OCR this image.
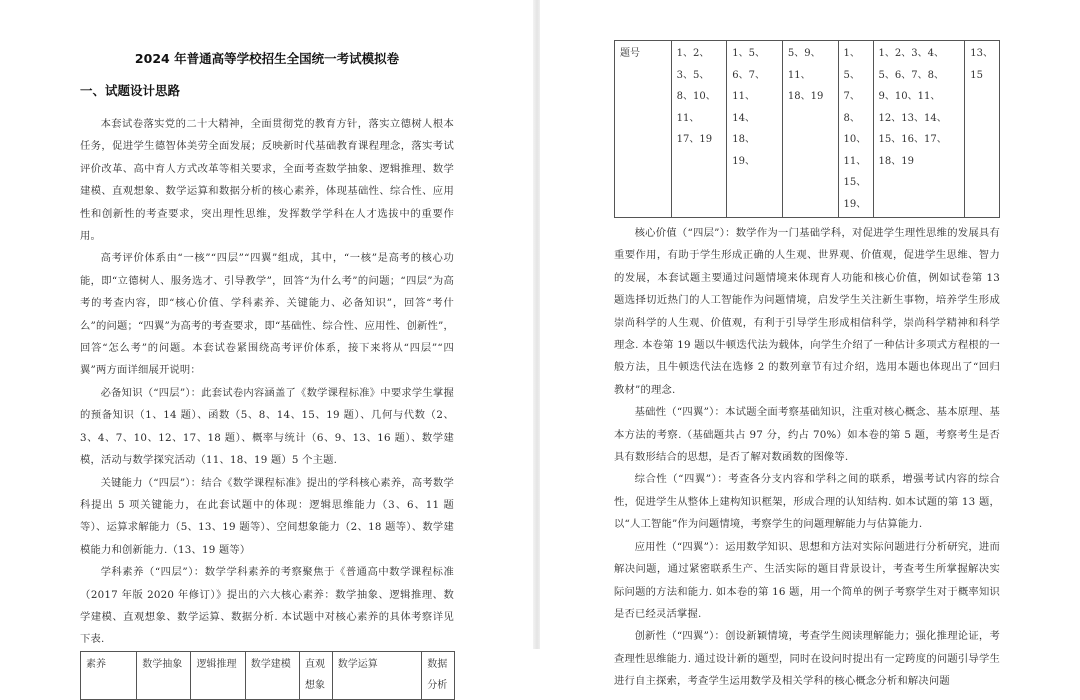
2024 年普通高等学校招生全国统一考试模拟卷
一、试题设计思路

本套试卷落实党的二十大精神，全面贯彻党的教育方针，落实立德树人根本任务，促进学生德智体美劳全面发展；反映新时代基础教育课程理念，落实考试评价改革、高中育人方式改革等相关要求，全面考查数学抽象、逻辑推理、数学建模、直观想象、数学运算和数据分析的核心素养，体现基础性、综合性、应用性和创新性的考查要求，突出理性思维，发挥数学学科在人才选拔中的重要作用。

高考评价体系由“一核”“四层”“四翼”组成，其中，“一核”是高考的核心功能，即“立德树人、服务选才、引导教学”，回答“为什么考”的问题；“四层”为高考的考查内容，即“核心价值、学科素养、关键能力、必备知识”，回答“考什么”的问题；“四翼”为高考的考查要求，即“基础性、综合性、应用性、创新性”，回答“怎么考”的问题。本套试卷紧围绕高考评价体系，接下来将从“四层”“四翼”两方面详细展开说明：

必备知识（“四层”）：此套试卷内容涵盖了《数学课程标准》中要求学生掌握的预备知识（1、14 题）、函数（5、8、14、15、19 题）、几何与代数（2、3、4、7、10、12、17、18 题）、概率与统计（6、9、13、16 题）、数学建模，活动与数学探究活动（11、18、19 题）5 个主题.

关键能力（“四层”）：结合《数学课程标准》提出的学科核心素养，高考数学科提出 5 项关键能力，在此套试题中的体现：逻辑思维能力（3、6、11 题等）、运算求解能力（5、13、19 题等）、空间想象能力（2、18 题等）、数学建模能力和创新能力.（13、19 题等）

学科素养（“四层”）：数学学科素养的考察聚焦于《普通高中数学课程标准（2017 年版 2020 年修订）》提出的六大核心素养：数学抽象、逻辑推理、数学建模、直观想象、数学运算、数据分析. 本试题中对核心素养的具体考察详见下表.

素养	数学抽象	逻辑推理	数学建模	直观想象	数学运算	数据分析
题号	1、2、3、5、8、10、11、17、19	1、5、6、7、11、14、18、19、	5、9、11、18、19	1、5、7、8、10、11、15、19、	1、2、3、4、5、6、7、8、9、10、11、12、13、14、15、16、17、18、19	13、15

核心价值（“四层”）：数学作为一门基础学科，对促进学生理性思维的发展具有重要作用，有助于学生形成正确的人生观、世界观、价值观，促进学生思维、智力的发展，本套试题主要通过问题情境来体现育人功能和核心价值，例如试卷第 13 题选择切近热门的人工智能作为问题情境，启发学生关注新生事物，培养学生形成崇尚科学的人生观、价值观，有利于引导学生形成相信科学，崇尚科学精神和科学理念. 本卷第 19 题以牛顿迭代法为载体，向学生介绍了一种估计多项式方程根的一般方法，且牛顿迭代法在选修 2 的数列章节有过介绍，选用本题也体现出了“回归教材”的理念.

基础性（“四翼”）：本试题全面考察基础知识，注重对核心概念、基本原理、基本方法的考察.（基础题共占 97 分，约占 70%）如本卷的第 5 题，考察考生是否具有数形结合的思想，是否了解对数函数的图像等.

综合性（“四翼”）：考查各分支内容和学科之间的联系，增强考试内容的综合性，促进学生从整体上建构知识框架，形成合理的认知结构. 如本试题的第 13 题，以“人工智能”作为问题情境，考察学生的问题理解能力与估算能力.

应用性（“四翼”）：运用数学知识、思想和方法对实际问题进行分析研究，进而解决问题，通过紧密联系生产、生活实际的题目背景设计，考查考生所掌握解决实际问题的方法和能力. 如本卷的第 16 题，用一个简单的例子考察学生对于概率知识是否已经灵活掌握.

创新性（“四翼”）：创设新颖情境，考查学生阅读理解能力；强化推理论证，考查理性思维能力. 通过设计新的题型，同时在设问时提出有一定跨度的问题引导学生进行自主探索，考查学生运用数学及相关学科的核心概念分析和解决问题
